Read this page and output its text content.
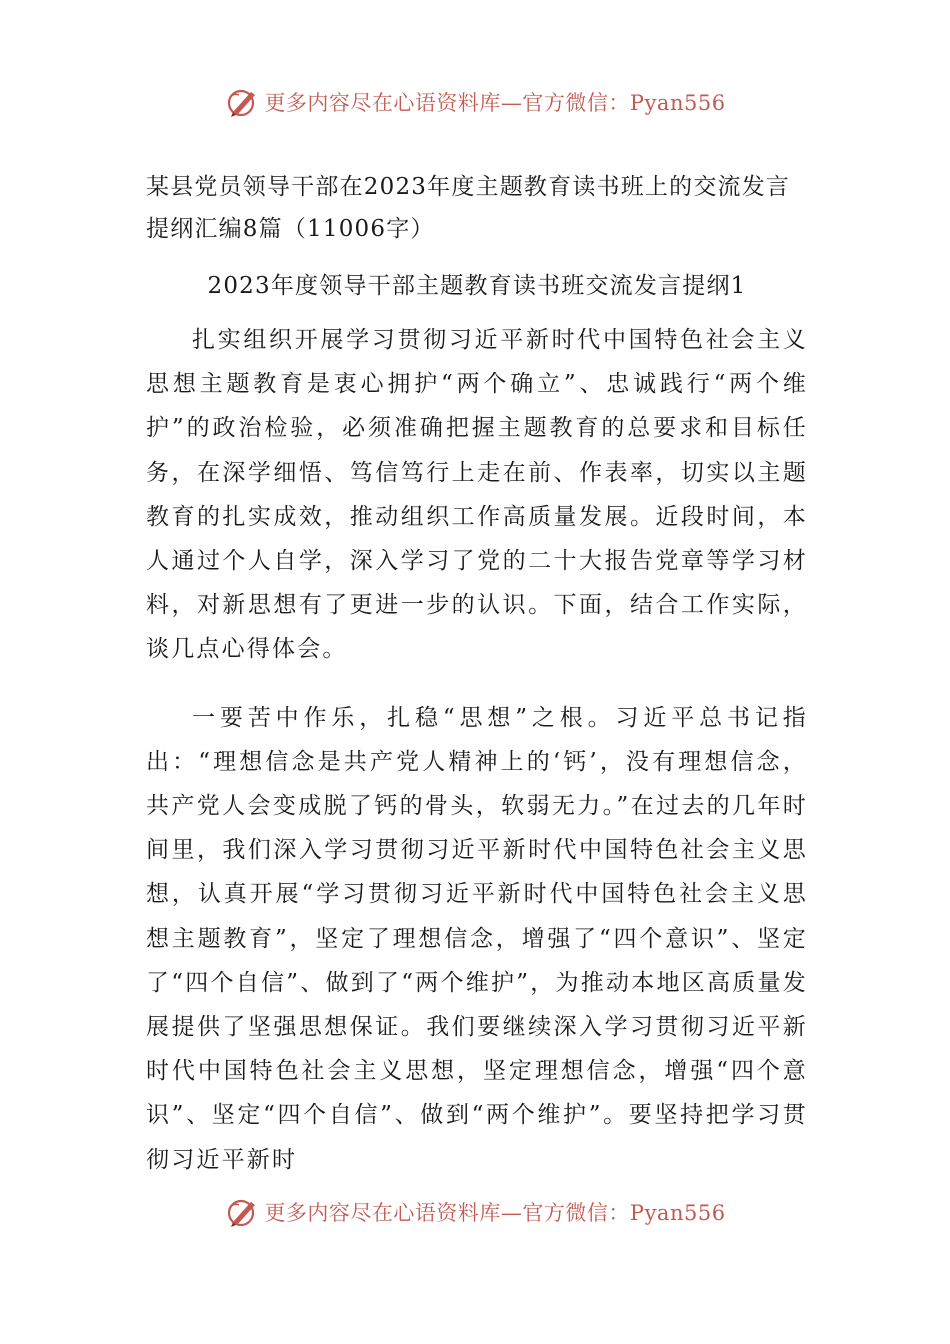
更多内容尽在心语资料库—官方微信：Pyan556
某县党员领导干部在2023年度主题教育读书班上的交流发言提纲汇编8篇（11006字）
2023年度领导干部主题教育读书班交流发言提纲1

扎实组织开展学习贯彻习近平新时代中国特色社会主义思想主题教育是衷心拥护“两个确立”、忠诚践行“两个维护”的政治检验，必须准确把握主题教育的总要求和目标任务，在深学细悟、笃信笃行上走在前、作表率，切实以主题教育的扎实成效，推动组织工作高质量发展。近段时间，本人通过个人自学，深入学习了党的二十大报告党章等学习材料，对新思想有了更进一步的认识。下面，结合工作实际，谈几点心得体会。

一要苦中作乐，扎稳“思想”之根。习近平总书记指出：“理想信念是共产党人精神上的‘钙’，没有理想信念，共产党人会变成脱了钙的骨头，软弱无力。”在过去的几年时间里，我们深入学习贯彻习近平新时代中国特色社会主义思想，认真开展“学习贯彻习近平新时代中国特色社会主义思想主题教育”，坚定了理想信念，增强了“四个意识”、坚定了“四个自信”、做到了“两个维护”，为推动本地区高质量发展提供了坚强思想保证。我们要继续深入学习贯彻习近平新时代中国特色社会主义思想，坚定理想信念，增强“四个意识”、坚定“四个自信”、做到“两个维护”。要坚持把学习贯彻习近平新时

更多内容尽在心语资料库—官方微信：Pyan556
